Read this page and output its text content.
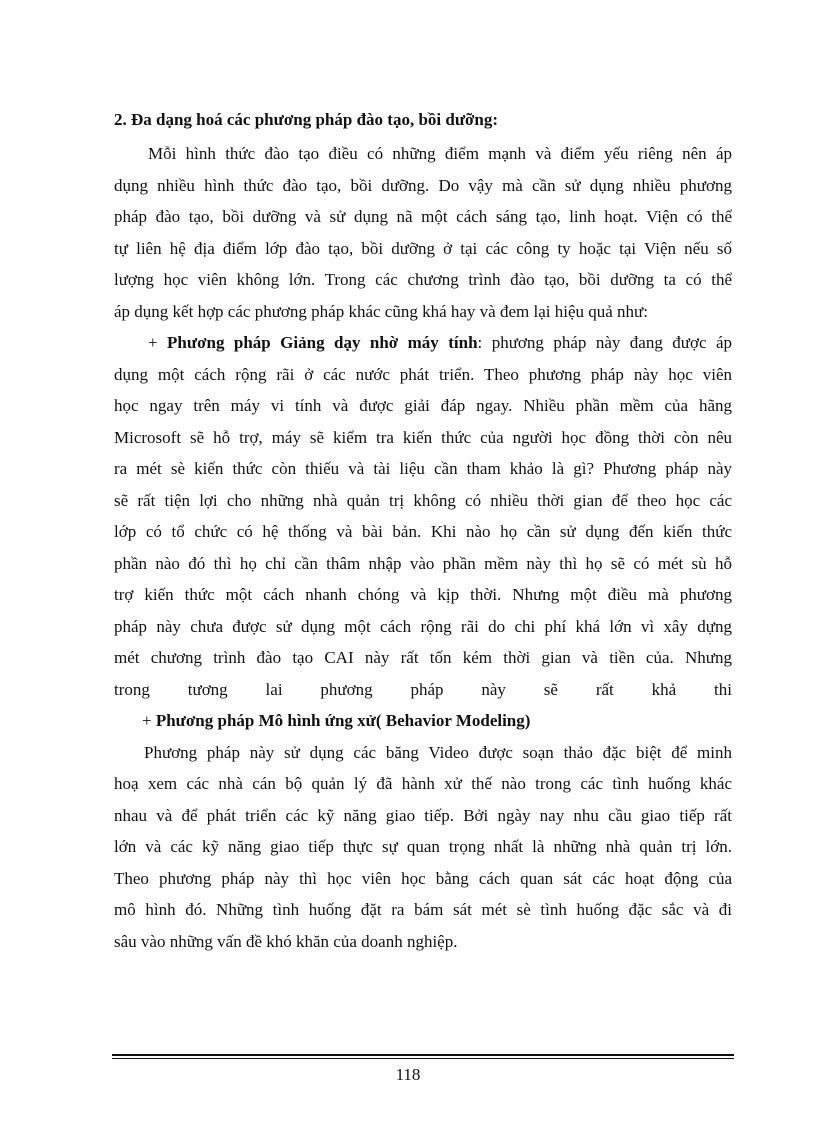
2. Đa dạng hoá các phương pháp đào tạo, bồi dưỡng:
Mỗi hình thức đào tạo điều có những điểm mạnh và điểm yếu riêng nên áp
dụng nhiều hình thức đào tạo, bồi dưỡng. Do vậy mà cần sử dụng nhiều phương
pháp đào tạo, bồi dưỡng và sử dụng nã một cách sáng tạo, linh hoạt. Viện có thể
tự liên hệ địa điểm lớp đào tạo, bồi dưỡng ở tại các công ty hoặc tại Viện nếu số
lượng học viên không lớn. Trong các chương trình đào tạo, bồi dưỡng ta có thể
áp dụng kết hợp các phương pháp khác cũng khá hay và đem lại hiệu quả như:
+ Phương pháp Giảng dạy nhờ máy tính: phương pháp này đang được áp
dụng một cách rộng rãi ở các nước phát triển. Theo phương pháp này học viên
học ngay trên máy vi tính và được giải đáp ngay. Nhiều phần mềm của hãng
Microsoft sẽ hỗ trợ, máy sẽ kiểm tra kiến thức của người học đồng thời còn nêu
ra mét sè kiến thức còn thiếu và tài liệu cần tham khảo là gì? Phương pháp này
sẽ rất tiện lợi cho những nhà quản trị không có nhiều thời gian để theo học các
lớp có tổ chức có hệ thống và bài bản. Khi nào họ cần sử dụng đến kiến thức
phần nào đó thì họ chỉ cần thâm nhập vào phần mềm này thì họ sẽ có mét sù hỗ
trợ kiến thức một cách nhanh chóng và kịp thời. Nhưng một điều mà phương
pháp này chưa được sử dụng một cách rộng rãi do chi phí khá lớn vì xây dựng
mét chương trình đào tạo CAI này rất tốn kém thời gian và tiền của. Nhưng
trong tương lai phương pháp này sẽ rất khả thi
+ Phương pháp Mô hình ứng xử( Behavior Modeling)
Phương pháp này sử dụng các băng Video được soạn thảo đặc biệt để minh
hoạ xem các nhà cán bộ quản lý đã hành xử thế nào trong các tình huống khác
nhau và để phát triển các kỹ năng giao tiếp. Bởi ngày nay nhu cầu giao tiếp rất
lớn và các kỹ năng giao tiếp thực sự quan trọng nhất là những nhà quản trị lớn.
Theo phương pháp này thì học viên học bằng cách quan sát các hoạt động của
mô hình đó. Những tình huống đặt ra bám sát mét sè tình huống đặc sắc và đi
sâu vào những vấn đề khó khăn của doanh nghiệp.
118
